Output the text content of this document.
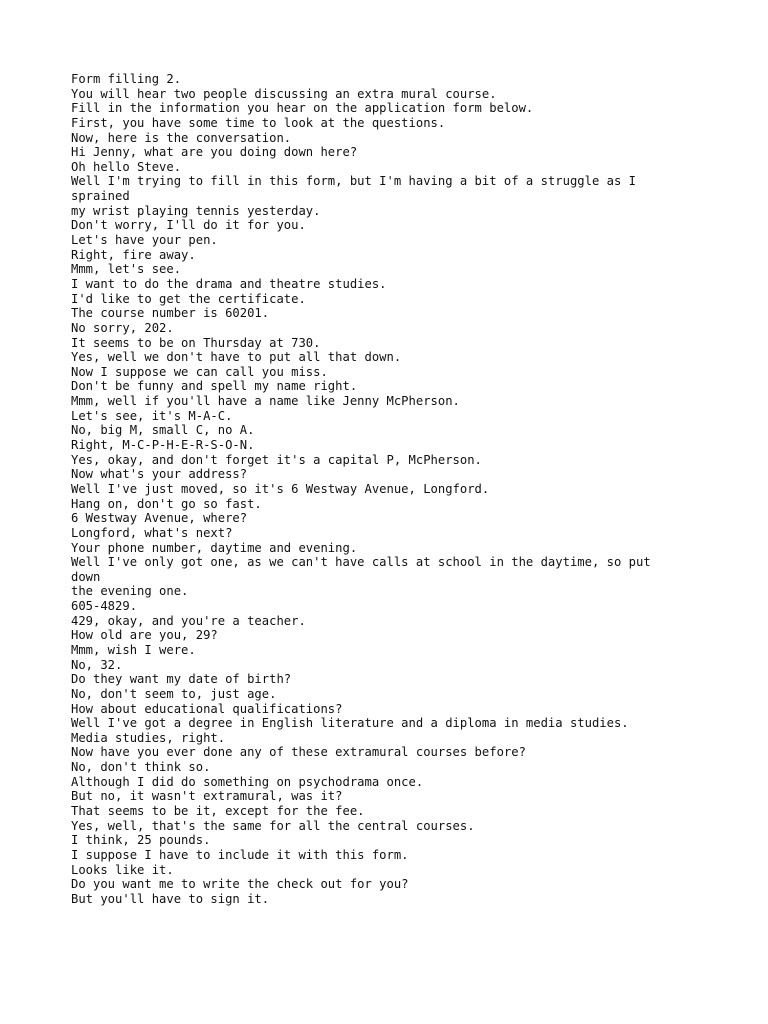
Form filling 2.
You will hear two people discussing an extra mural course.
Fill in the information you hear on the application form below.
First, you have some time to look at the questions.
Now, here is the conversation.
Hi Jenny, what are you doing down here?
Oh hello Steve.
Well I'm trying to fill in this form, but I'm having a bit of a struggle as I
sprained
my wrist playing tennis yesterday.
Don't worry, I'll do it for you.
Let's have your pen.
Right, fire away.
Mmm, let's see.
I want to do the drama and theatre studies.
I'd like to get the certificate.
The course number is 60201.
No sorry, 202.
It seems to be on Thursday at 730.
Yes, well we don't have to put all that down.
Now I suppose we can call you miss.
Don't be funny and spell my name right.
Mmm, well if you'll have a name like Jenny McPherson.
Let's see, it's M-A-C.
No, big M, small C, no A.
Right, M-C-P-H-E-R-S-O-N.
Yes, okay, and don't forget it's a capital P, McPherson.
Now what's your address?
Well I've just moved, so it's 6 Westway Avenue, Longford.
Hang on, don't go so fast.
6 Westway Avenue, where?
Longford, what's next?
Your phone number, daytime and evening.
Well I've only got one, as we can't have calls at school in the daytime, so put
down
the evening one.
605-4829.
429, okay, and you're a teacher.
How old are you, 29?
Mmm, wish I were.
No, 32.
Do they want my date of birth?
No, don't seem to, just age.
How about educational qualifications?
Well I've got a degree in English literature and a diploma in media studies.
Media studies, right.
Now have you ever done any of these extramural courses before?
No, don't think so.
Although I did do something on psychodrama once.
But no, it wasn't extramural, was it?
That seems to be it, except for the fee.
Yes, well, that's the same for all the central courses.
I think, 25 pounds.
I suppose I have to include it with this form.
Looks like it.
Do you want me to write the check out for you?
But you'll have to sign it.
